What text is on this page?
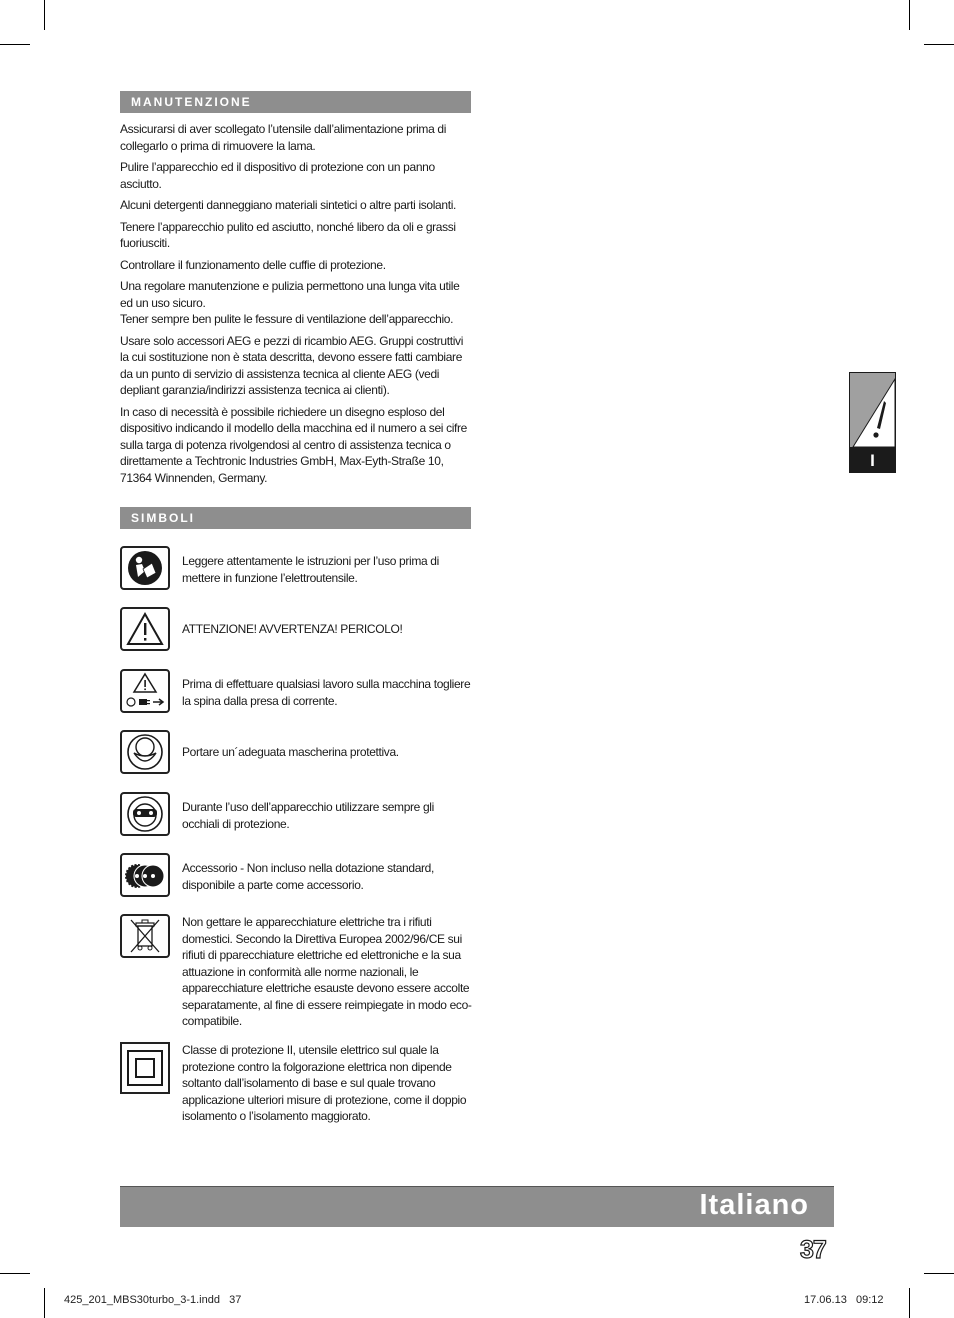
MANUTENZIONE

Assicurarsi di aver scollegato l’utensile dall’alimentazione prima di collegarlo o prima di rimuovere la lama.

Pulire l’apparecchio ed il dispositivo di protezione con un panno asciutto.

Alcuni detergenti danneggiano materiali sintetici o altre parti isolanti.

Tenere l’apparecchio pulito ed asciutto, nonché libero da oli e grassi fuoriusciti.

Controllare il funzionamento delle cuffie di protezione.

Una regolare manutenzione e pulizia permettono una lunga vita utile ed un uso sicuro.

Tener sempre ben pulite le fessure di ventilazione dell’apparecchio.

Usare solo accessori AEG e pezzi di ricambio AEG. Gruppi costruttivi la cui sostituzione non è stata descritta, devono essere fatti cambiare da un punto di servizio di assistenza tecnica al cliente AEG (vedi depliant garanzia/indirizzi assistenza tecnica ai clienti).

In caso di necessità è possibile richiedere un disegno esploso del dispositivo indicando il modello della macchina ed il numero a sei cifre sulla targa di potenza rivolgendosi al centro di assistenza tecnica o direttamente a Techtronic Industries GmbH, Max-Eyth-Straße 10, 71364 Winnenden, Germany.

SIMBOLI

Leggere attentamente le istruzioni per l’uso prima di mettere in funzione l’elettroutensile.

ATTENZIONE! AVVERTENZA! PERICOLO!

Prima di effettuare qualsiasi lavoro sulla macchina togliere la spina dalla presa di corrente.

Portare un´adeguata mascherina protettiva.

Durante l’uso dell’apparecchio utilizzare sempre gli occhiali di protezione.

Accessorio - Non incluso nella dotazione standard, disponibile a parte come accessorio.

Non gettare le apparecchiature elettriche tra i rifiuti domestici. Secondo la Direttiva Europea 2002/96/CE sui rifiuti di pparecchiature elettriche ed elettroniche e la sua attuazione in conformità alle norme nazionali, le apparecchiature elettriche esauste devono essere accolte separatamente, al fine di essere reimpiegate in modo eco-compatibile.

Classe di protezione II, utensile elettrico sul quale la protezione contro la folgorazione elettrica non dipende soltanto dall’isolamento di base e sul quale trovano applicazione ulteriori misure di protezione, come il doppio isolamento o l’isolamento maggiorato.

I
Italiano
37
425_201_MBS30turbo_3-1.indd   37	17.06.13   09:12
